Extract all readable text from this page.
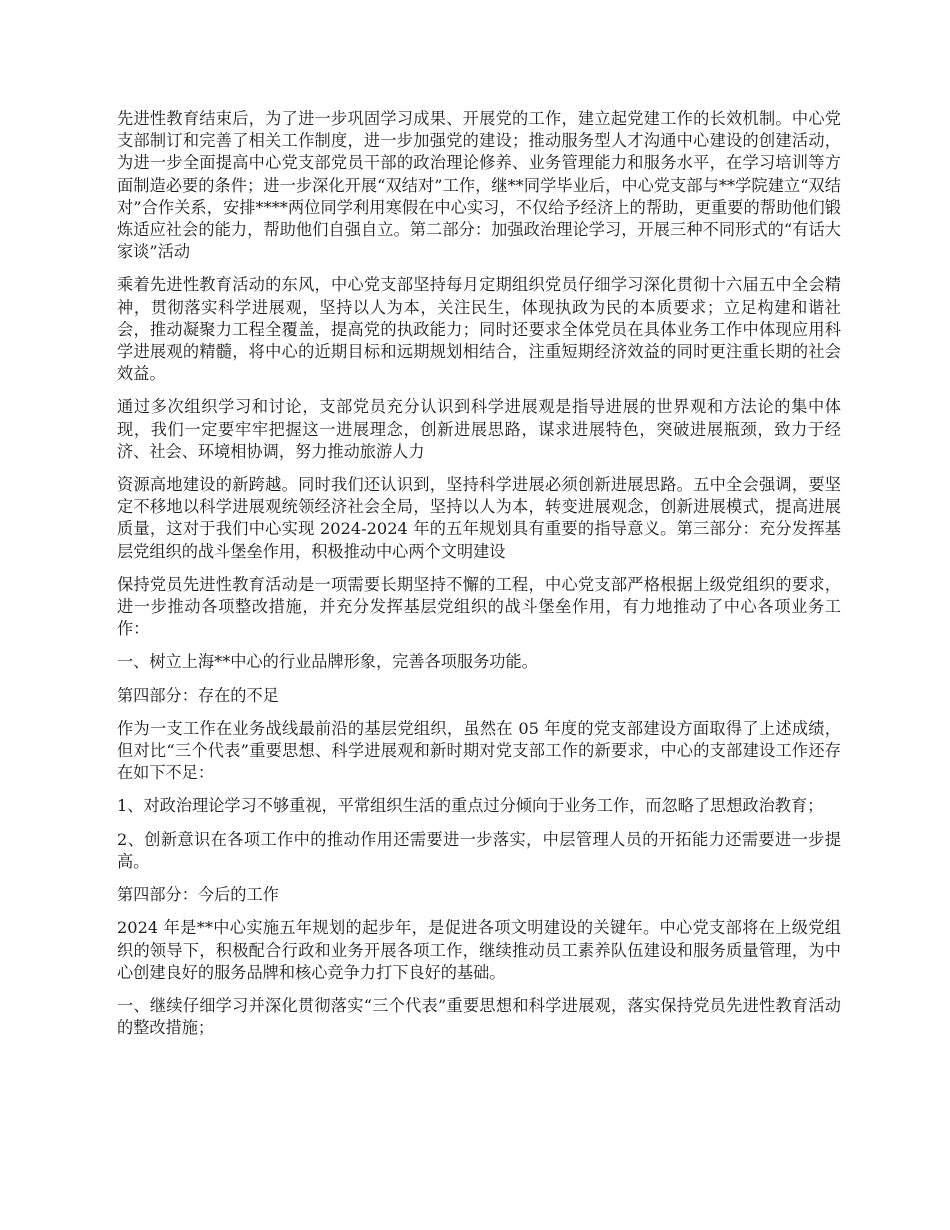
先进性教育结束后，为了进一步巩固学习成果、开展党的工作，建立起党建工作的长效机制。中心党支部制订和完善了相关工作制度，进一步加强党的建设；推动服务型人才沟通中心建设的创建活动，为进一步全面提高中心党支部党员干部的政治理论修养、业务管理能力和服务水平，在学习培训等方面制造必要的条件；进一步深化开展“双结对”工作，继**同学毕业后，中心党支部与**学院建立“双结对”合作关系，安排****两位同学利用寒假在中心实习，不仅给予经济上的帮助，更重要的帮助他们锻炼适应社会的能力，帮助他们自强自立。第二部分：加强政治理论学习，开展三种不同形式的“有话大家谈”活动

乘着先进性教育活动的东风，中心党支部坚持每月定期组织党员仔细学习深化贯彻十六届五中全会精神，贯彻落实科学进展观，坚持以人为本，关注民生，体现执政为民的本质要求；立足构建和谐社会，推动凝聚力工程全覆盖，提高党的执政能力；同时还要求全体党员在具体业务工作中体现应用科学进展观的精髓，将中心的近期目标和远期规划相结合，注重短期经济效益的同时更注重长期的社会效益。

通过多次组织学习和讨论，支部党员充分认识到科学进展观是指导进展的世界观和方法论的集中体现，我们一定要牢牢把握这一进展理念，创新进展思路，谋求进展特色，突破进展瓶颈，致力于经济、社会、环境相协调，努力推动旅游人力

资源高地建设的新跨越。同时我们还认识到，坚持科学进展必须创新进展思路。五中全会强调，要坚定不移地以科学进展观统领经济社会全局，坚持以人为本，转变进展观念，创新进展模式，提高进展质量，这对于我们中心实现 2024-2024 年的五年规划具有重要的指导意义。第三部分：充分发挥基层党组织的战斗堡垒作用，积极推动中心两个文明建设

保持党员先进性教育活动是一项需要长期坚持不懈的工程，中心党支部严格根据上级党组织的要求，进一步推动各项整改措施，并充分发挥基层党组织的战斗堡垒作用，有力地推动了中心各项业务工作：

一、树立上海**中心的行业品牌形象，完善各项服务功能。

第四部分：存在的不足

作为一支工作在业务战线最前沿的基层党组织，虽然在 05 年度的党支部建设方面取得了上述成绩，但对比“三个代表”重要思想、科学进展观和新时期对党支部工作的新要求，中心的支部建设工作还存在如下不足：

1、对政治理论学习不够重视，平常组织生活的重点过分倾向于业务工作，而忽略了思想政治教育；

2、创新意识在各项工作中的推动作用还需要进一步落实，中层管理人员的开拓能力还需要进一步提高。

第四部分：今后的工作

2024 年是**中心实施五年规划的起步年，是促进各项文明建设的关键年。中心党支部将在上级党组织的领导下，积极配合行政和业务开展各项工作，继续推动员工素养队伍建设和服务质量管理，为中心创建良好的服务品牌和核心竞争力打下良好的基础。

一、继续仔细学习并深化贯彻落实“三个代表”重要思想和科学进展观，落实保持党员先进性教育活动的整改措施；
